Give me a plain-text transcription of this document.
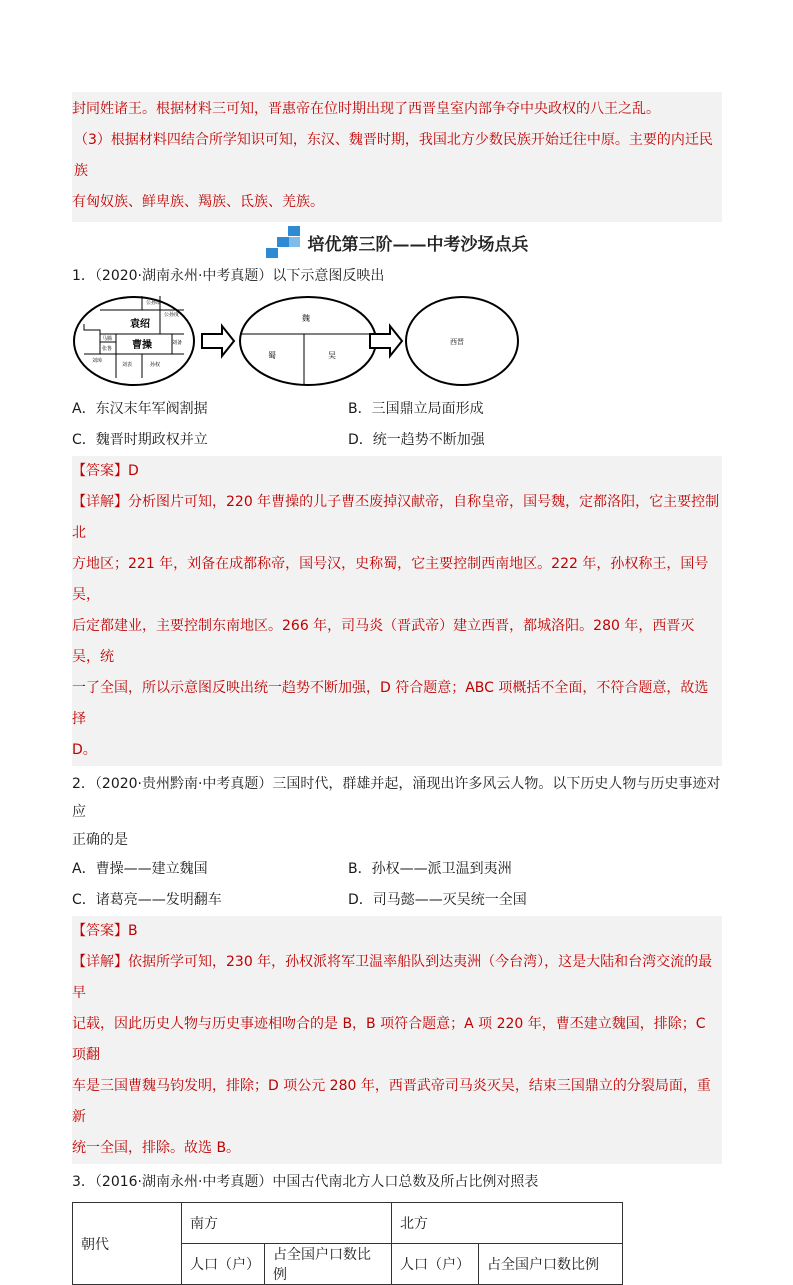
封同姓诸王。根据材料三可知，晋惠帝在位时期出现了西晋皇室内部争夺中央政权的八王之乱。

（3）根据材料四结合所学知识可知，东汉、魏晋时期，我国北方少数民族开始迁往中原。主要的内迁民族

有匈奴族、鲜卑族、羯族、氐族、羌族。

培优第三阶——中考沙场点兵

1．（2020·湖南永州·中考真题）以下示意图反映出

袁绍
曹操
公孙瓒
公孙度
马腾
张鲁
刘璋
刘表
刘备
孙权
魏
蜀	吴
西晋
A．东汉末年军阀割据	B．三国鼎立局面形成
C．魏晋时期政权并立	D．统一趋势不断加强

【答案】D

【详解】分析图片可知，220 年曹操的儿子曹丕废掉汉献帝，自称皇帝，国号魏，定都洛阳，它主要控制北

方地区；221 年，刘备在成都称帝，国号汉，史称蜀，它主要控制西南地区。222 年，孙权称王，国号吴，

后定都建业，主要控制东南地区。266 年，司马炎（晋武帝）建立西晋，都城洛阳。280 年，西晋灭吴，统

一了全国，所以示意图反映出统一趋势不断加强，D 符合题意；ABC 项概括不全面，不符合题意，故选择

D。

2．（2020·贵州黔南·中考真题）三国时代，群雄并起，涌现出许多风云人物。以下历史人物与历史事迹对应

正确的是

A．曹操——建立魏国	B．孙权——派卫温到夷洲
C．诸葛亮——发明翻车	D．司马懿——灭吴统一全国

【答案】B

【详解】依据所学可知，230 年，孙权派将军卫温率船队到达夷洲（今台湾），这是大陆和台湾交流的最早

记载，因此历史人物与历史事迹相吻合的是 B，B 项符合题意；A 项 220 年，曹丕建立魏国，排除；C 项翻

车是三国曹魏马钧发明，排除；D 项公元 280 年，西晋武帝司马炎灭吴，结束三国鼎立的分裂局面，重新

统一全国，排除。故选 B。

3．（2016·湖南永州·中考真题）中国古代南北方人口总数及所占比例对照表

朝代	南方		北方	
	人口（户）	占全国户口数比例	人口（户）	占全国户口数比例
